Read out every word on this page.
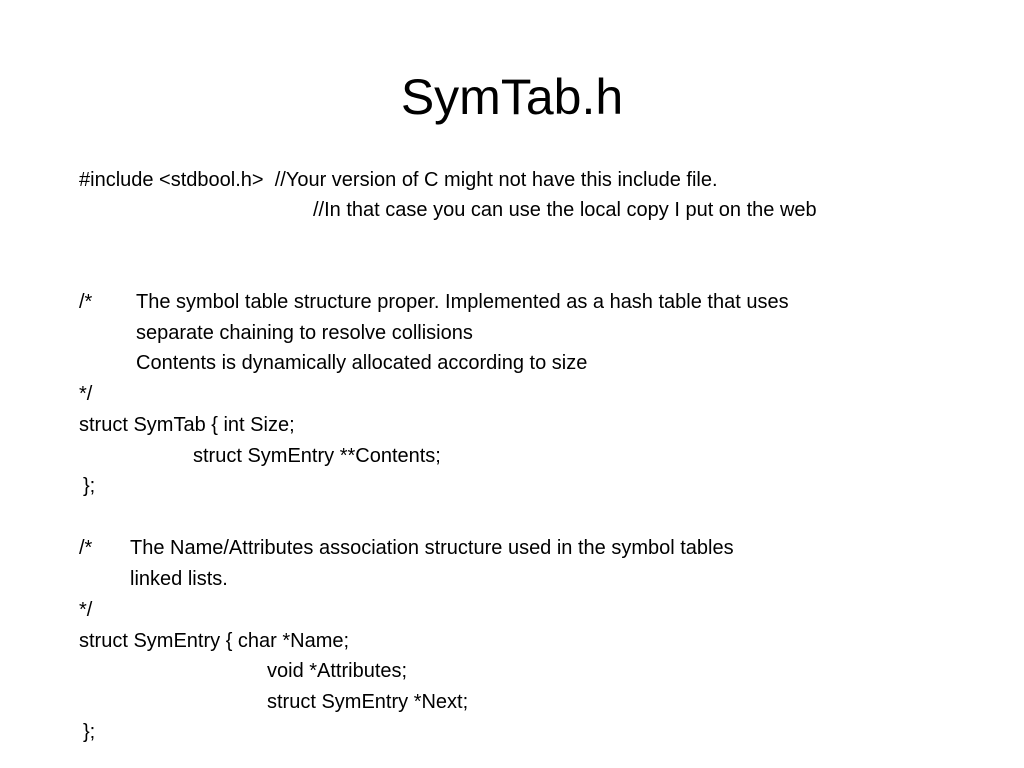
SymTab.h

#include <stdbool.h>  //Your version of C might not have this include file.

//In that case you can use the local copy I put on the web

/* The symbol table structure proper. Implemented as a hash table that uses

separate chaining to resolve collisions

Contents is dynamically allocated according to size

*/

struct SymTab { int Size;

struct SymEntry **Contents;

};

/* The Name/Attributes association structure used in the symbol tables

linked lists.

*/

struct SymEntry { char *Name;

void *Attributes;

struct SymEntry *Next;

};
